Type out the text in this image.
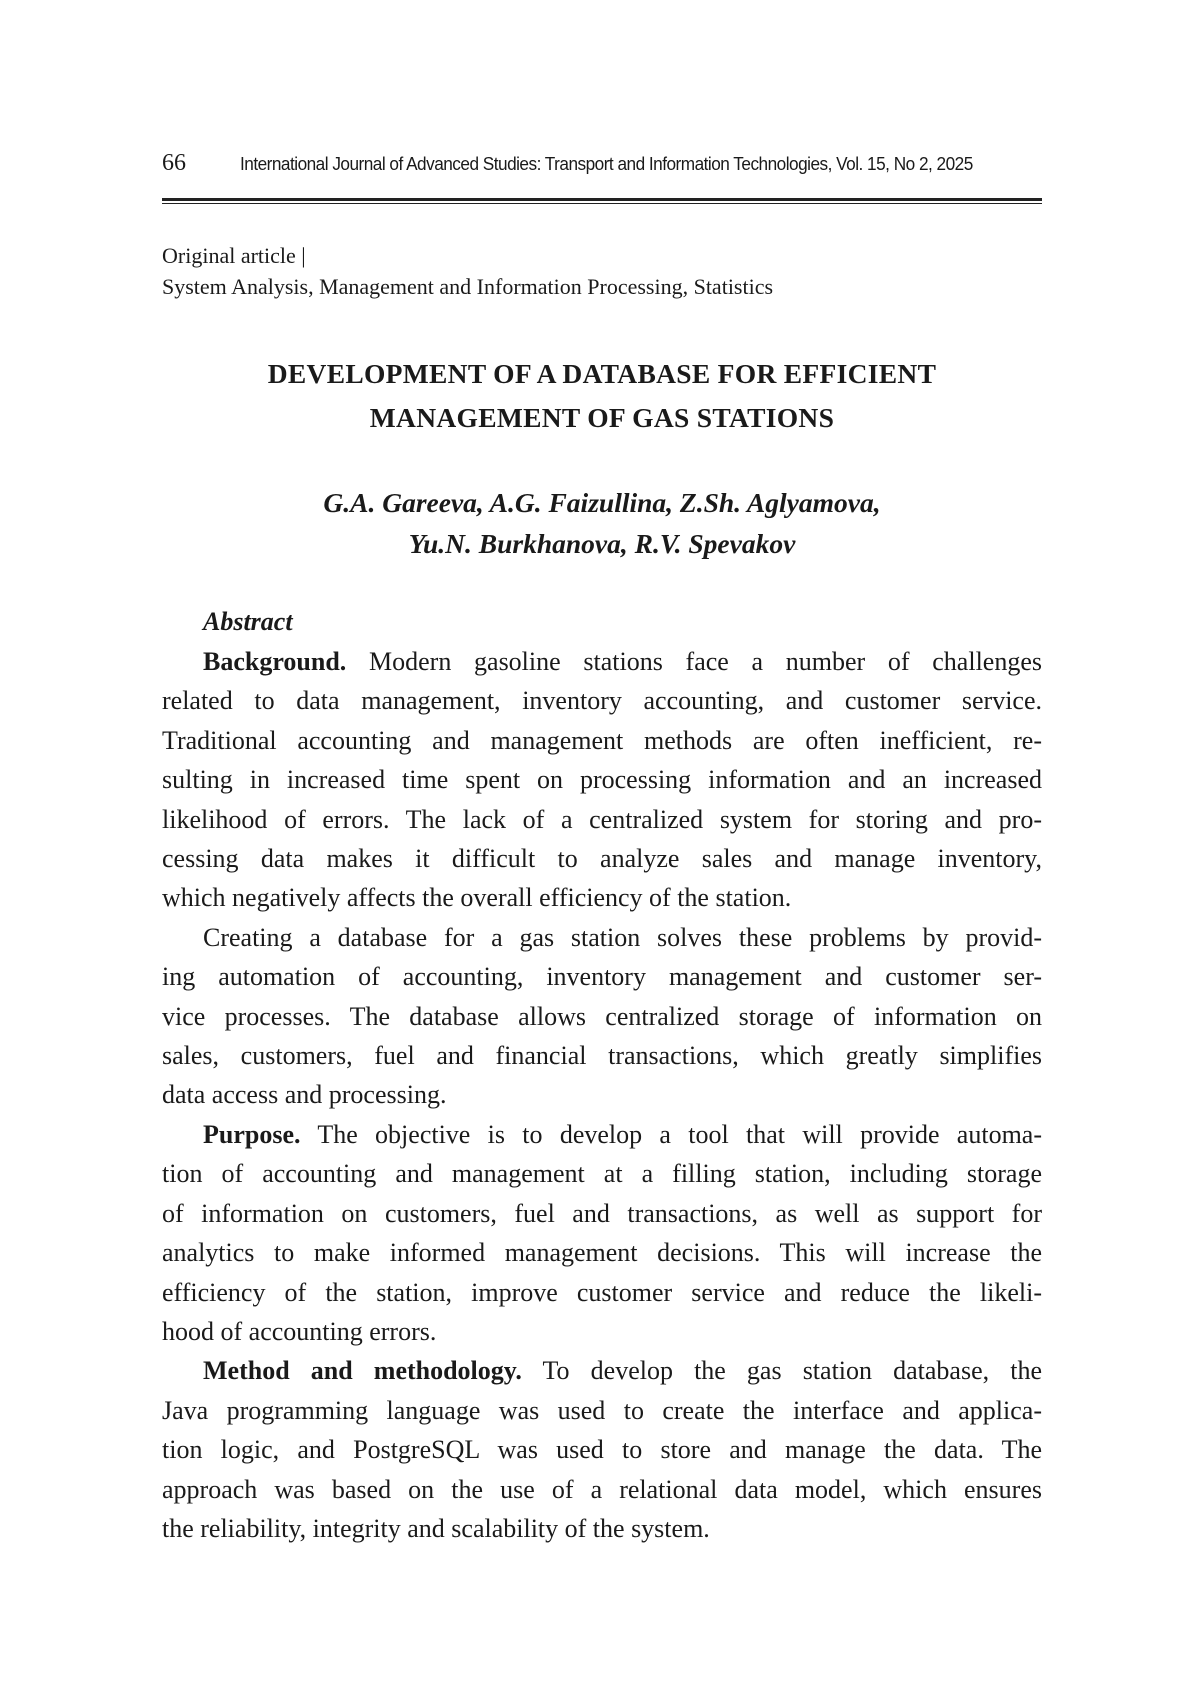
66	International Journal of Advanced Studies: Transport and Information Technologies, Vol. 15, No 2, 2025
Original article |
System Analysis, Management and Information Processing, Statistics
DEVELOPMENT OF A DATABASE FOR EFFICIENT
MANAGEMENT OF GAS STATIONS
G.A. Gareeva, A.G. Faizullina, Z.Sh. Aglyamova,
Yu.N. Burkhanova, R.V. Spevakov
Abstract
Background. Modern gasoline stations face a number of challenges
related to data management, inventory accounting, and customer service.
Traditional accounting and management methods are often inefficient, re-
sulting in increased time spent on processing information and an increased
likelihood of errors. The lack of a centralized system for storing and pro-
cessing data makes it difficult to analyze sales and manage inventory,
which negatively affects the overall efficiency of the station.
Creating a database for a gas station solves these problems by provid-
ing automation of accounting, inventory management and customer ser-
vice processes. The database allows centralized storage of information on
sales, customers, fuel and financial transactions, which greatly simplifies
data access and processing.
Purpose. The objective is to develop a tool that will provide automa-
tion of accounting and management at a filling station, including storage
of information on customers, fuel and transactions, as well as support for
analytics to make informed management decisions. This will increase the
efficiency of the station, improve customer service and reduce the likeli-
hood of accounting errors.
Method and methodology. To develop the gas station database, the
Java programming language was used to create the interface and applica-
tion logic, and PostgreSQL was used to store and manage the data. The
approach was based on the use of a relational data model, which ensures
the reliability, integrity and scalability of the system.
